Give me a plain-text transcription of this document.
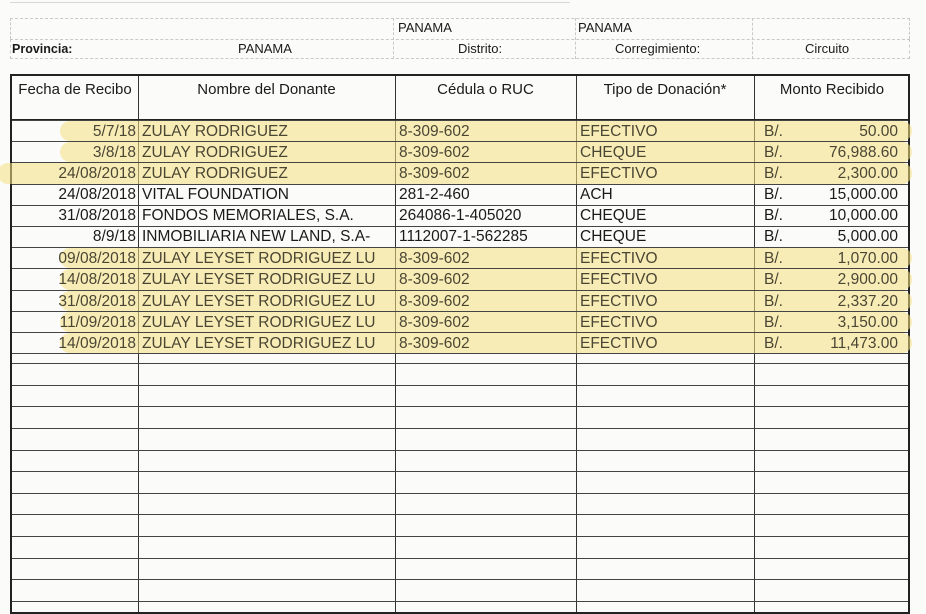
PANAMA	PANAMA
Provincia:	PANAMA	Distrito:	Corregimiento:	Circuito
Fecha de Recibo	Nombre del Donante	Cédula o RUC	Tipo de Donación*	Monto Recibido
5/7/18 ZULAY RODRIGUEZ	8-309-602	EFECTIVO	B/.	50.00
3/8/18 ZULAY RODRIGUEZ	8-309-602	CHEQUE	B/.	76,988.60
24/08/2018 ZULAY RODRIGUEZ	8-309-602	EFECTIVO	B/.	2,300.00
24/08/2018 VITAL FOUNDATION	281-2-460	ACH	B/.	15,000.00
31/08/2018 FONDOS MEMORIALES, S.A.	264086-1-405020	CHEQUE	B/.	10,000.00
8/9/18 INMOBILIARIA NEW LAND, S.A- 1112007-1-562285	CHEQUE	B/.	5,000.00
09/08/2018 ZULAY LEYSET RODRIGUEZ LU 8-309-602	EFECTIVO	B/.	1,070.00
14/08/2018 ZULAY LEYSET RODRIGUEZ LU 8-309-602	EFECTIVO	B/.	2,900.00
31/08/2018 ZULAY LEYSET RODRIGUEZ LU 8-309-602	EFECTIVO	B/.	2,337.20
11/09/2018 ZULAY LEYSET RODRIGUEZ LU 8-309-602	EFECTIVO	B/.	3,150.00
14/09/2018 ZULAY LEYSET RODRIGUEZ LU 8-309-602	EFECTIVO	B/.	11,473.00
